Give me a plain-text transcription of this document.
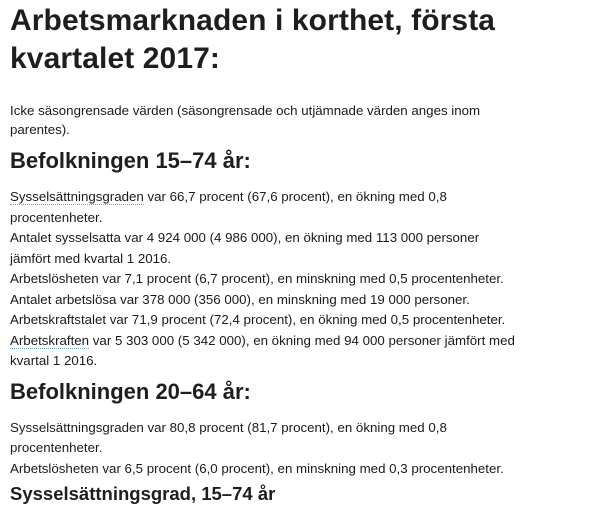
Arbetsmarknaden i korthet, första
kvartalet 2017:

Icke säsongrensade värden (säsongrensade och utjämnade värden anges inom
parentes).

Befolkningen 15–74 år:

Sysselsättningsgraden var 66,7 procent (67,6 procent), en ökning med 0,8

procentenheter.

Antalet sysselsatta var 4 924 000 (4 986 000), en ökning med 113 000 personer

jämfört med kvartal 1 2016.

Arbetslösheten var 7,1 procent (6,7 procent), en minskning med 0,5 procentenheter.

Antalet arbetslösa var 378 000 (356 000), en minskning med 19 000 personer.

Arbetskraftstalet var 71,9 procent (72,4 procent), en ökning med 0,5 procentenheter.

Arbetskraften var 5 303 000 (5 342 000), en ökning med 94 000 personer jämfört med

kvartal 1 2016.

Befolkningen 20–64 år:

Sysselsättningsgraden var 80,8 procent (81,7 procent), en ökning med 0,8

procentenheter.

Arbetslösheten var 6,5 procent (6,0 procent), en minskning med 0,3 procentenheter.

Sysselsättningsgrad, 15–74 år
